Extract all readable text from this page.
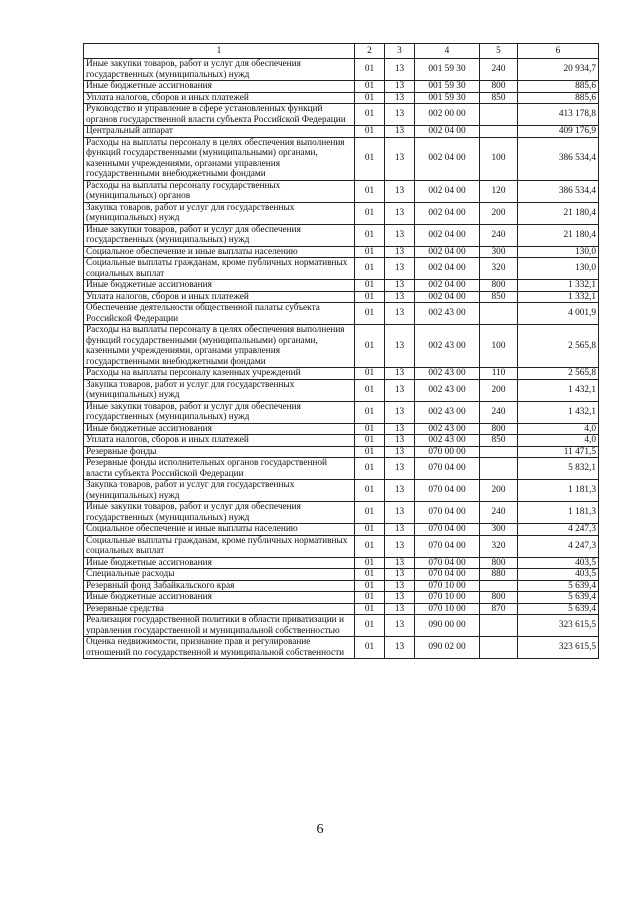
1	2	3	4	5	6
Иные закупки товаров, работ и услуг для обеспечения государственных (муниципальных) нужд	01	13	001 59 30	240	20 934,7
Иные бюджетные ассигнования	01	13	001 59 30	800	885,6
Уплата налогов, сборов и иных платежей	01	13	001 59 30	850	885,6
Руководство и управление в сфере установленных функций органов государственной власти субъекта Российской Федерации	01	13	002 00 00		413 178,8
Центральный аппарат	01	13	002 04 00		409 176,9
Расходы на выплаты персоналу в целях обеспечения выполнения функций государственными (муниципальными) органами, казенными учреждениями, органами управления государственными внебюджетными фондами	01	13	002 04 00	100	386 534,4
Расходы на выплаты персоналу государственных (муниципальных) органов	01	13	002 04 00	120	386 534,4
Закупка товаров, работ и услуг для государственных (муниципальных) нужд	01	13	002 04 00	200	21 180,4
Иные закупки товаров, работ и услуг для обеспечения государственных (муниципальных) нужд	01	13	002 04 00	240	21 180,4
Социальное обеспечение и иные выплаты населению	01	13	002 04 00	300	130,0
Социальные выплаты гражданам, кроме публичных нормативных социальных выплат	01	13	002 04 00	320	130,0
Иные бюджетные ассигнования	01	13	002 04 00	800	1 332,1
Уплата налогов, сборов и иных платежей	01	13	002 04 00	850	1 332,1
Обеспечение деятельности общественной палаты субъекта Российской Федерации	01	13	002 43 00		4 001,9
Расходы на выплаты персоналу в целях обеспечения выполнения функций государственными (муниципальными) органами, казенными учреждениями, органами управления государственными внебюджетными фондами	01	13	002 43 00	100	2 565,8
Расходы на выплаты персоналу казенных учреждений	01	13	002 43 00	110	2 565,8
Закупка товаров, работ и услуг для государственных (муниципальных) нужд	01	13	002 43 00	200	1 432,1
Иные закупки товаров, работ и услуг для обеспечения государственных (муниципальных) нужд	01	13	002 43 00	240	1 432,1
Иные бюджетные ассигнования	01	13	002 43 00	800	4,0
Уплата налогов, сборов и иных платежей	01	13	002 43 00	850	4,0
Резервные фонды	01	13	070 00 00		11 471,5
Резервные фонды исполнительных органов государственной власти субъекта Российской Федерации	01	13	070 04 00		5 832,1
Закупка товаров, работ и услуг для государственных (муниципальных) нужд	01	13	070 04 00	200	1 181,3
Иные закупки товаров, работ и услуг для обеспечения государственных (муниципальных) нужд	01	13	070 04 00	240	1 181,3
Социальное обеспечение и иные выплаты населению	01	13	070 04 00	300	4 247,3
Социальные выплаты гражданам, кроме публичных нормативных социальных выплат	01	13	070 04 00	320	4 247,3
Иные бюджетные ассигнования	01	13	070 04 00	800	403,5
Специальные расходы	01	13	070 04 00	880	403,5
Резервный фонд Забайкальского края	01	13	070 10 00		5 639,4
Иные бюджетные ассигнования	01	13	070 10 00	800	5 639,4
Резервные средства	01	13	070 10 00	870	5 639,4
Реализация государственной политики в области приватизации и управления государственной и муниципальной собственностью	01	13	090 00 00		323 615,5
Оценка недвижимости, признание прав и регулирование отношений по государственной и муниципальной собственности	01	13	090 02 00		323 615,5
6
